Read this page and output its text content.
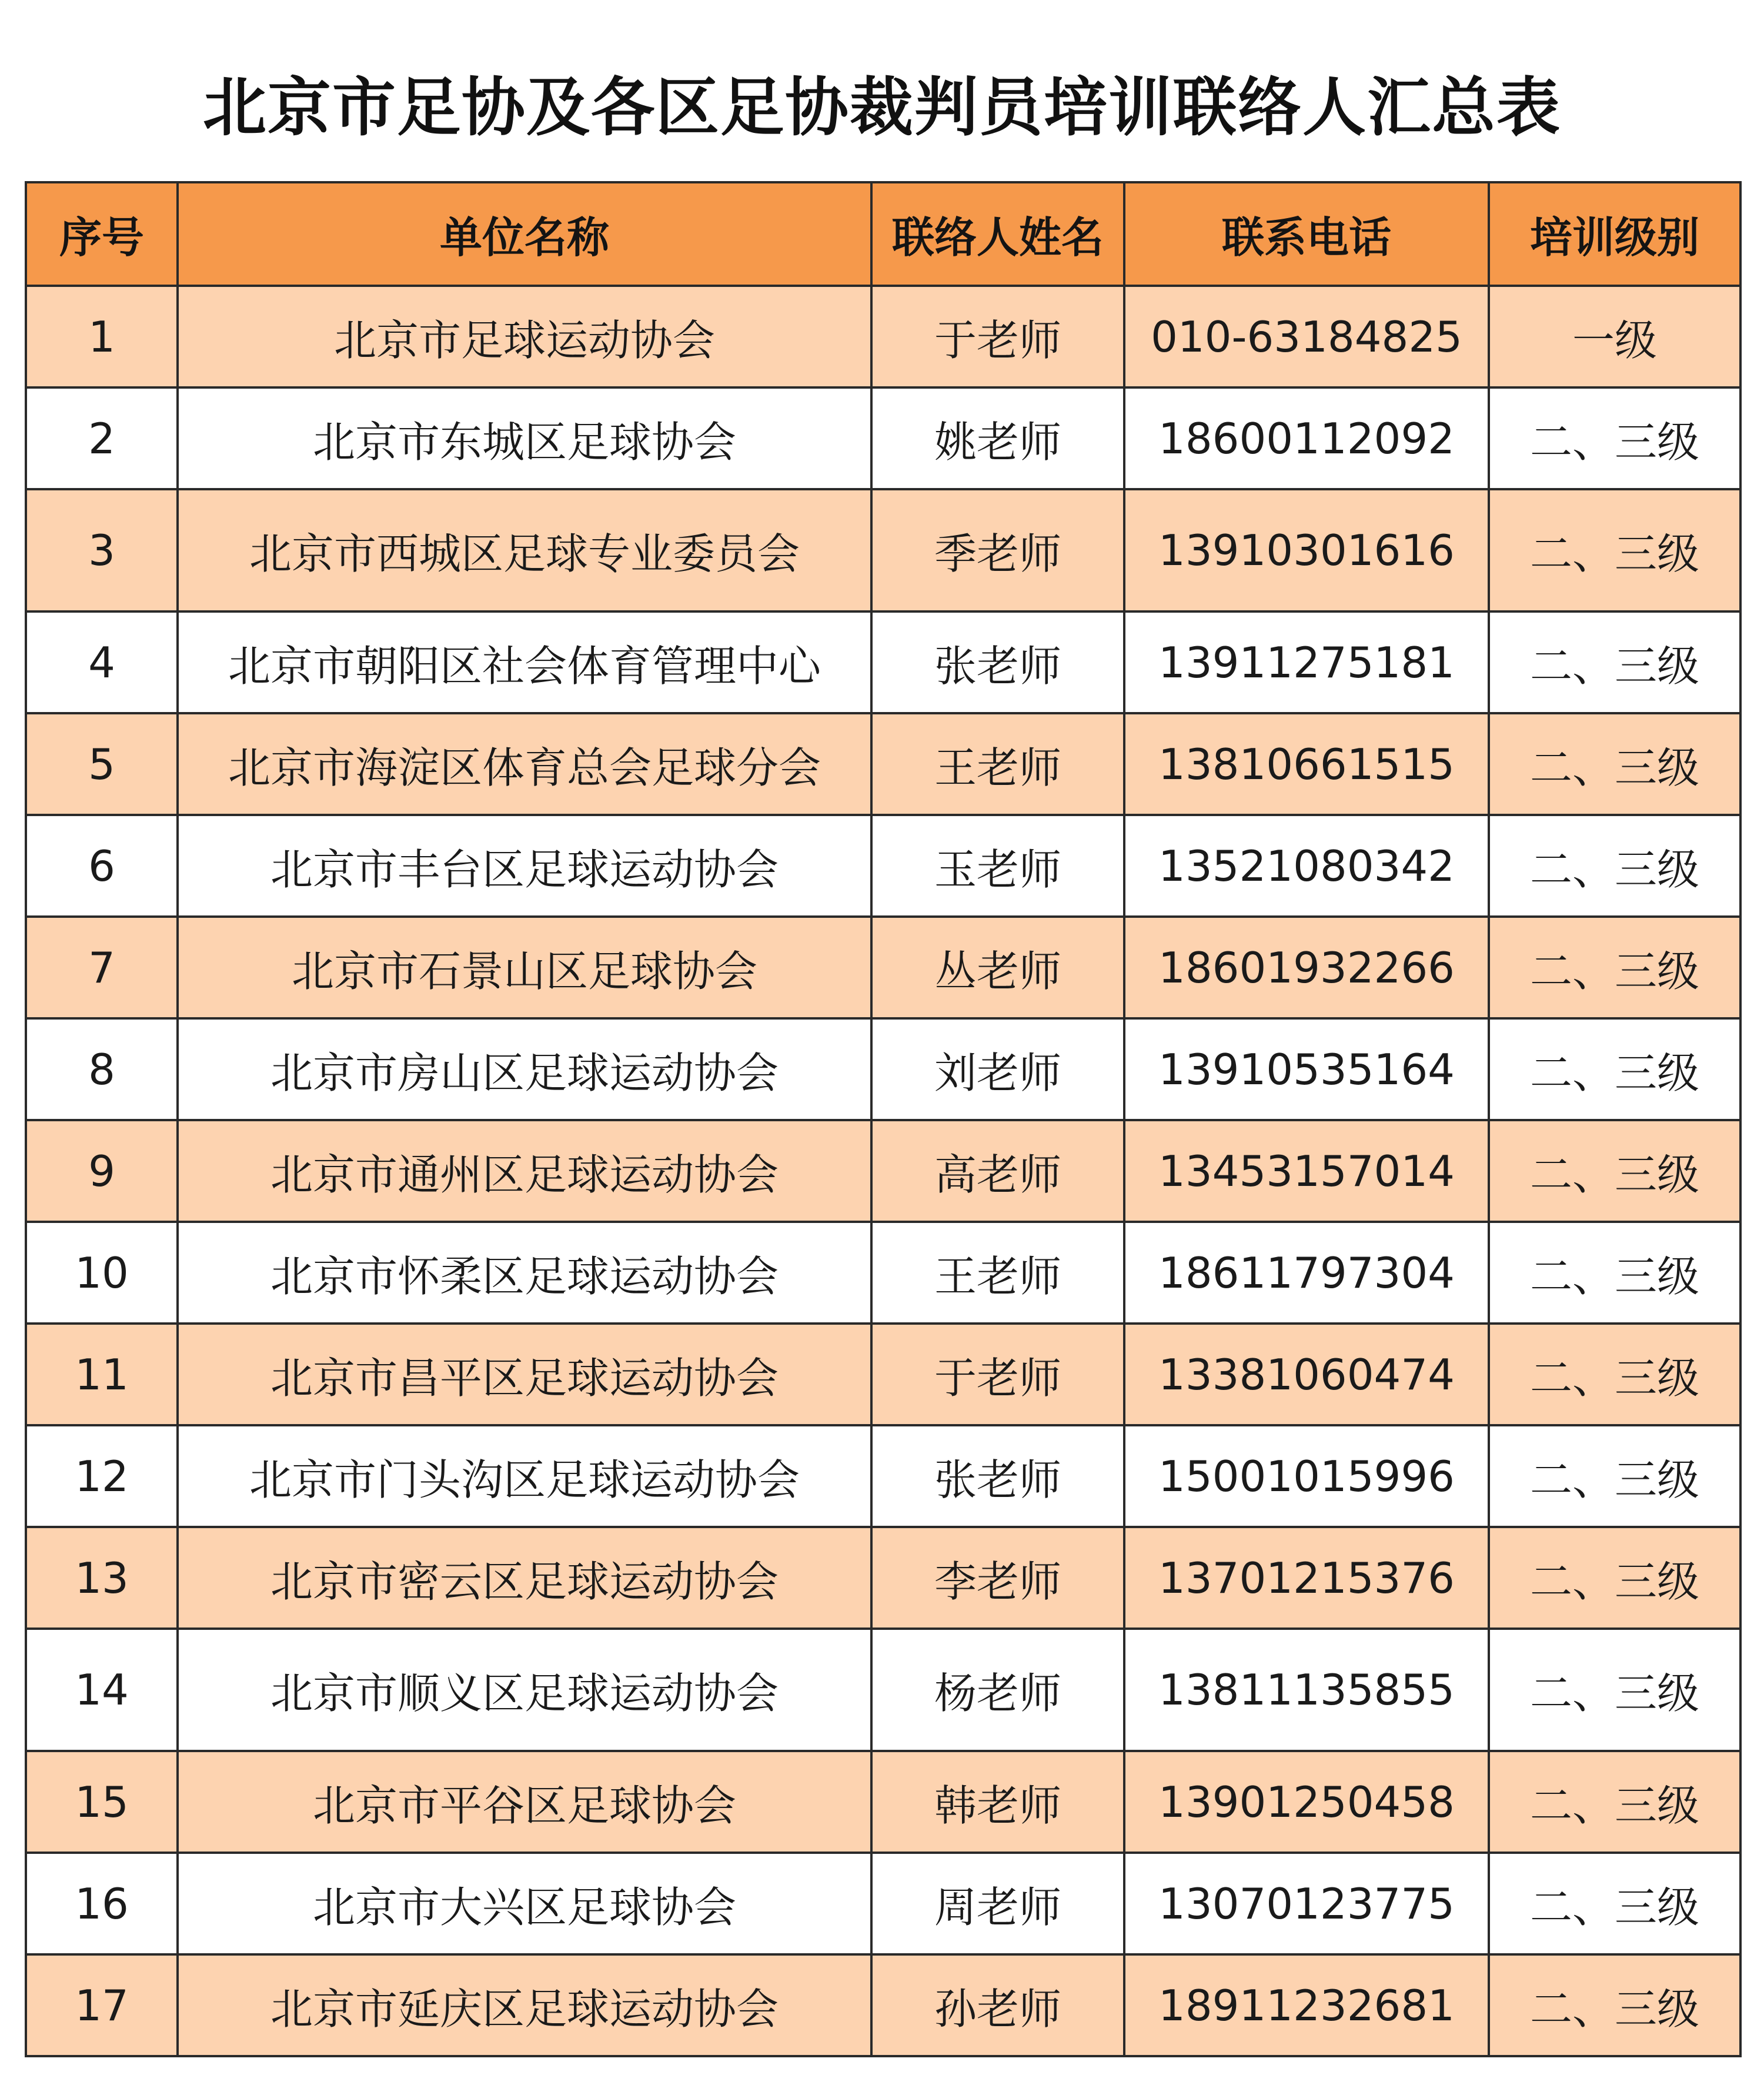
北京市足协及各区足协裁判员培训联络人汇总表
序号	单位名称	联络人姓名	联系电话	培训级别
1	北京市足球运动协会	于老师	010-63184825	一级
2	北京市东城区足球协会	姚老师	18600112092	二、三级
3	北京市西城区足球专业委员会	季老师	13910301616	二、三级
4	北京市朝阳区社会体育管理中心	张老师	13911275181	二、三级
5	北京市海淀区体育总会足球分会	王老师	13810661515	二、三级
6	北京市丰台区足球运动协会	玉老师	13521080342	二、三级
7	北京市石景山区足球协会	丛老师	18601932266	二、三级
8	北京市房山区足球运动协会	刘老师	13910535164	二、三级
9	北京市通州区足球运动协会	高老师	13453157014	二、三级
10	北京市怀柔区足球运动协会	王老师	18611797304	二、三级
11	北京市昌平区足球运动协会	于老师	13381060474	二、三级
12	北京市门头沟区足球运动协会	张老师	15001015996	二、三级
13	北京市密云区足球运动协会	李老师	13701215376	二、三级
14	北京市顺义区足球运动协会	杨老师	13811135855	二、三级
15	北京市平谷区足球协会	韩老师	13901250458	二、三级
16	北京市大兴区足球协会	周老师	13070123775	二、三级
17	北京市延庆区足球运动协会	孙老师	18911232681	二、三级
